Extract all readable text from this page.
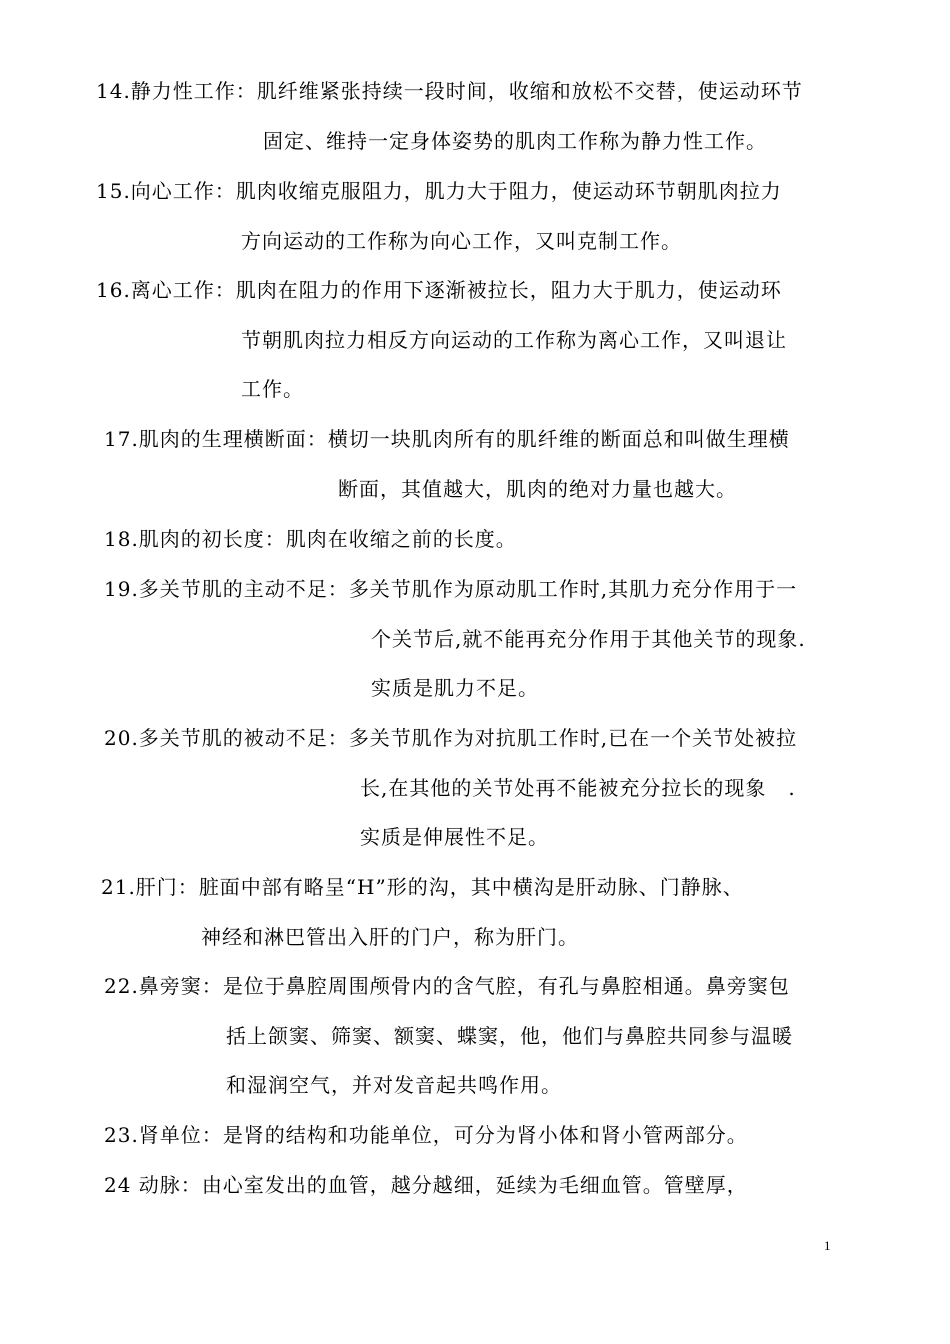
14.静力性工作：肌纤维紧张持续一段时间，收缩和放松不交替，使运动环节
固定、维持一定身体姿势的肌肉工作称为静力性工作。
15.向心工作：肌肉收缩克服阻力，肌力大于阻力，使运动环节朝肌肉拉力
方向运动的工作称为向心工作，又叫克制工作。
16.离心工作：肌肉在阻力的作用下逐渐被拉长，阻力大于肌力，使运动环
节朝肌肉拉力相反方向运动的工作称为离心工作，又叫退让
工作。
17.肌肉的生理横断面：横切一块肌肉所有的肌纤维的断面总和叫做生理横
断面，其值越大，肌肉的绝对力量也越大。
18.肌肉的初长度：肌肉在收缩之前的长度。
19.多关节肌的主动不足：多关节肌作为原动肌工作时,其肌力充分作用于一
个关节后,就不能再充分作用于其他关节的现象.
实质是肌力不足。
20.多关节肌的被动不足：多关节肌作为对抗肌工作时,已在一个关节处被拉
长,在其他的关节处再不能被充分拉长的现象   .
实质是伸展性不足。
21.肝门：脏面中部有略呈“H”形的沟，其中横沟是肝动脉、门静脉、
神经和淋巴管出入肝的门户，称为肝门。
22.鼻旁窦：是位于鼻腔周围颅骨内的含气腔，有孔与鼻腔相通。鼻旁窦包
括上颌窦、筛窦、额窦、蝶窦，他，他们与鼻腔共同参与温暖
和湿润空气，并对发音起共鸣作用。
23.肾单位：是肾的结构和功能单位，可分为肾小体和肾小管两部分。
24 动脉：由心室发出的血管，越分越细，延续为毛细血管。管壁厚，
1
